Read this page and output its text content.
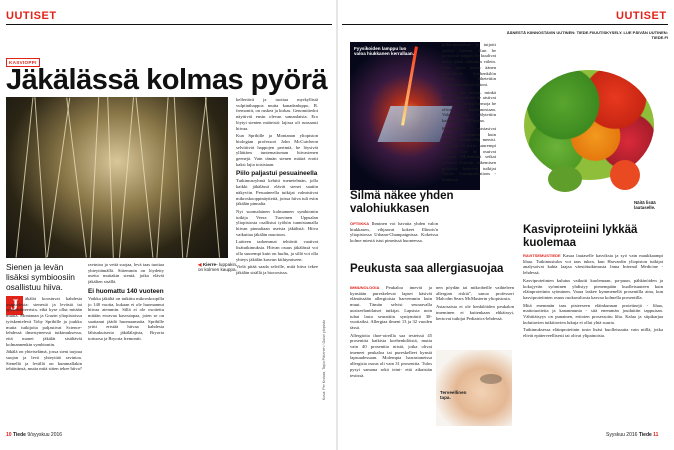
UUTISET
KASVIOPPI
Jäkälässä kolmas pyörä
◀ Kierre- luppakin on kolmen kauppa.
Sienen ja levän lisäksi symbioosiin osallistuu hiiva.
J	äkälät koostuvat kahdesta osapuolesta: sienestä ja levästä tai syanobakteerista, eikä kyse ollut mitään muuta. Montanan ja Grazin yliopistoissa työskentelevä Toby Spribille ja joukko muita tutkijoita paljastivat Science-lehdessä ilmestyneessä tutkimuksessa, että monet jäkälät sisältävät kolmannenkin symbiontin.

Jäkälä on yhteiselämä, jossa sieni tarjoaa suojan ja levä yhteyttää ravintoa. Sienellä ja levällä on kummallakin tehtävänsä, mutta mitä sitten tekee hiiva?

ravintoa ja vettä suojaa, levä taas tuottaa yhteyttämällä. Sittemmin on löydetty useita muitakin sieniä, jotka elävät jäkälien sisällä.

Ei huomattu 140 vuoteen

Vaikka jäkäliä on tutkittu mikroskoopilla jo 140 vuotta, kukaan ei ole huomannut hiivaa aiemmin. Sillä ei ole osoitettu mitään eroavaa kasvutapaa, joten se on saattanut jäädä huomaamatta. Spribille yritti eristää hiivaa kahdesta lähisukuisesta jäkälälajista, Bryoria tortuosa ja Bryoria fremontii.

kellertävä ja tuottaa myrkyllistä vulpiinihappoa mutta kanadanluppo, B. fremontii, on ruskea ja kirkas. Genomitiedot näyttivät ensin olevan samanlaisia. Ero löytyi sienten määristä: lajissa oli runsaasti hiivaa.

Kun Spribille ja Montanan yliopiston biologian professori John McCutcheon selvittivät happojen perimiä, he löysivät yllättäen tuntemattoman hiivasienen geenejä. Vain tämän sienen määrä erotti kaksi lajia toisistaan.

Piilo paljastui pesuaineella

Tutkimusryhmä kehitti menetelmän, jolla kaikki jäkälässä elävät sienet saatiin näkyviin. Pesuaineella tutkijat valmistivat mikroskooppinäytteitä, joissa hiiva tuli esiin jäkälän pinnalta.

Nyt suomalainen kolmannen symbiontin tutkija Veera Tuovinen Uppsalan yliopistosta osallistui työhön tunnistamalla hiivan pinnaltaan useista jäkälistä. Hiiva vaikuttaa jäkälän muotoon.

Laitteen tarkemmat tehtävät vaativat lisätutkimuksia. Hiivan osuus jäkälässä voi olla suurempi kuin on luultu, ja sillä voi olla yhteys jäkälän kasvun kiihtymiseen.

Vielä pitää saada selville, mitä hiiva tekee jäkälän sisällä ja biooosissa.

Kuva: Per Krokaa, Tapio Päivinen / Oulun yliopisto
10 Tiede 9/syyskuu 2016
UUTISET
ÄÄNESTÄ KIINNOSTAVIN UUTINEN: TIEDE.FI/UUTISKYSELY. LUE PÄIVÄN UUTINEN: TIEDE.FI
Fyysikoiden lamppu luo valoa hiukkanen kerrallaan.
Silmä näkee yhden valohiukkasen

OPTIIKKA Ihminen voi havaita yhden valon hiukkasen, vihjaavat kokeet Illinois'n yliopistossa Urbana-Champaignissa. Kokeissa kolme miestä istui pimeässä huoneessa.

pilkkopimeässä ja tuijotti optista laitetta. Kun he painoivat nappia, he kuulivat kaksi ääntä sekunnin välein. Aika ajoin toisen äänen yhteydessä koehenkilön silmiin lähetettiin valohiukkanen eli fotoni.

Miesten piti kertoa, minkä äänen yhteydessä he aistivat fotonin ja kuinka varmoja he olivat havainnostaan. Valohiukkasta välytettiin kaikkiaan 2 400 kertaa.

Koehenkilöt vastasivat oikein paremmin kuin pelkällä arvauksella menisi. Varmuus oli myös suurempi silloin, kun he osuivat oikeaan. Molemmat seikat puhuvat fotonin näkemisen puolesta, kertovat tutkijat Nature Communications -lehdessä.

Näitä lisää lautaselle.
Peukusta saa allergiasuojaa

IMMUNOLOGIA Peukaloa imevät ja kynsiään pureskelevat lapset käsivät elämässään allergioista harvemmin kuin muut. Tämän selvisi seuraavalla uusiseelantilaiset tutkijat. Lapsista noin tuhat lasta seurattiin syntymästä 38-vuotiaiksi. Allergiaa ilmeni 13 ja 32 vuoden iässä.

Allergioita ihoe-oireilla saa testeissä 45 prosenttia kaikista koehenkilöistä, mutta vain 40 prosenttia niistä, jotka olivat imeneet peukaloa tai pureskelleet kynsiä lapsuudessaan. Molempia harrastaneissa allergisia osuus oli vain 31 prosenttia. Tulos pysyi samana sekä teini- että aikuisiän testissä.

nen pöydän tai mikrobeille vaihteleen allergian riskiä", sanoo professori Malcolm Sears McMasterin yliopistosta.

Asiaosaisia ei ole henkilöiden peukalon imeminen ei kuitenkaan ehkäissyt, kertovat tutkijat Pediatrics-lehdessä.

Terveellinen tapa.
Kasviproteiini lykkää kuolemaa

RAVITSEMUSTIEDE Kasaa lautaselle kasviksia ja syö vain maukkaampi lihaa. Tutkimustulos voi taas tukea, kun Harvardin yliopiston tutkijat analysoivat kahta laajaa väestötutkimusta Jama Internal Medicine -lehdessä.

Kasviproteiinien kulutus vaikutti kuolemaan, pa-puun, pähkinöiden ja kokojyvän syöminen yhdistyy pienempään kuolleisuuteen kuin eläinproteiinin syöminen. Vaara laskee kymmenellä prosentilla aina, kun kasviproteiinien osuus ruokavaliosta kasvaa kolmella prosentilla.

Mitä enemmän taas pisteeseen eläinkunnan proteiinejä - lihaa, maitotuotteita ja kananmunia - sitä enemmän jouduttiin tappuisan. Vähittäisyys on punainen, eritoten prosessoitu liha. Kalaa ja siipikarjaa kuluttavien tutkittavien lukuja ei ollut yhtä suuria.

Tutkimuksessa eläinproteiinin tosin lisäsi kuolleisuutta vain niillä, jotka elivät epäterveellisesti tai olivat ylipainoisia.

Syyskuu 2016 Tiede 11
